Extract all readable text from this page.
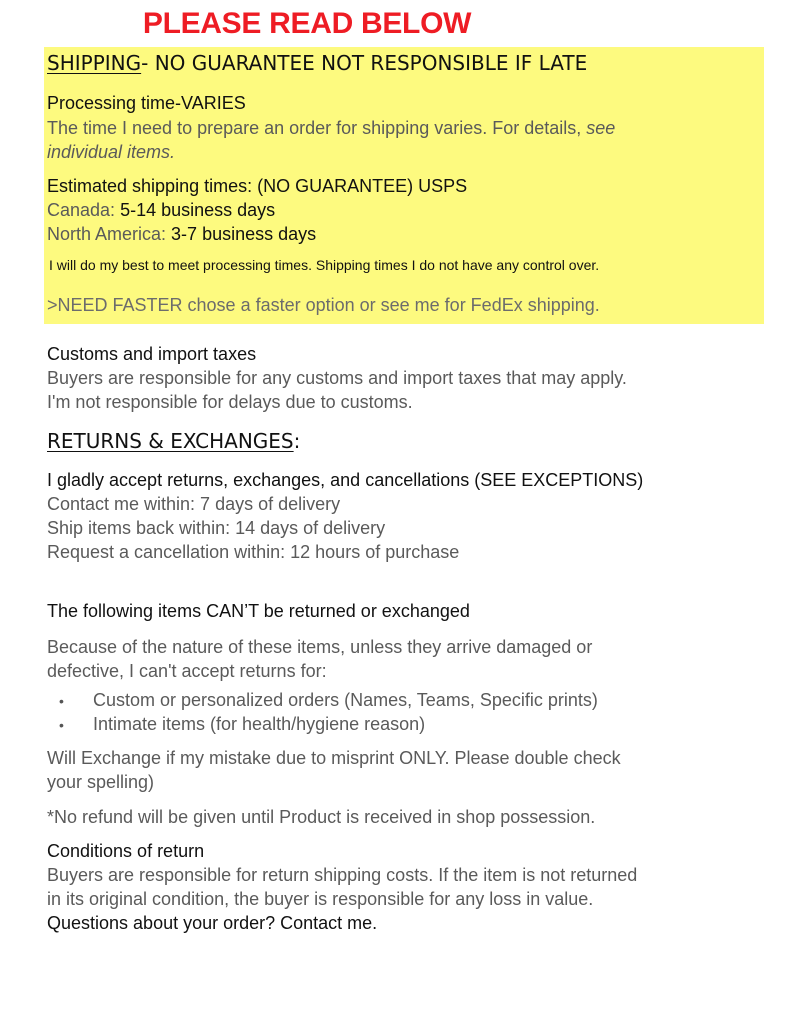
PLEASE READ BELOW
SHIPPING- NO GUARANTEE NOT RESPONSIBLE IF LATE
Processing time-VARIES
The time I need to prepare an order for shipping varies. For details, see
individual items.
Estimated shipping times: (NO GUARANTEE) USPS
Canada: 5-14 business days
North America: 3-7 business days
I will do my best to meet processing times. Shipping times I do not have any control over.
>NEED FASTER chose a faster option or see me for FedEx shipping.
Customs and import taxes
Buyers are responsible for any customs and import taxes that may apply.
I'm not responsible for delays due to customs.
RETURNS & EXCHANGES:
I gladly accept returns, exchanges, and cancellations (SEE EXCEPTIONS)
Contact me within: 7 days of delivery
Ship items back within: 14 days of delivery
Request a cancellation within: 12 hours of purchase
The following items CAN’T be returned or exchanged
Because of the nature of these items, unless they arrive damaged or
defective, I can't accept returns for:
• Custom or personalized orders (Names, Teams, Specific prints)
• Intimate items (for health/hygiene reason)
Will Exchange if my mistake due to misprint ONLY. Please double check
your spelling)
*No refund will be given until Product is received in shop possession.
Conditions of return
Buyers are responsible for return shipping costs. If the item is not returned
in its original condition, the buyer is responsible for any loss in value.
Questions about your order? Contact me.
